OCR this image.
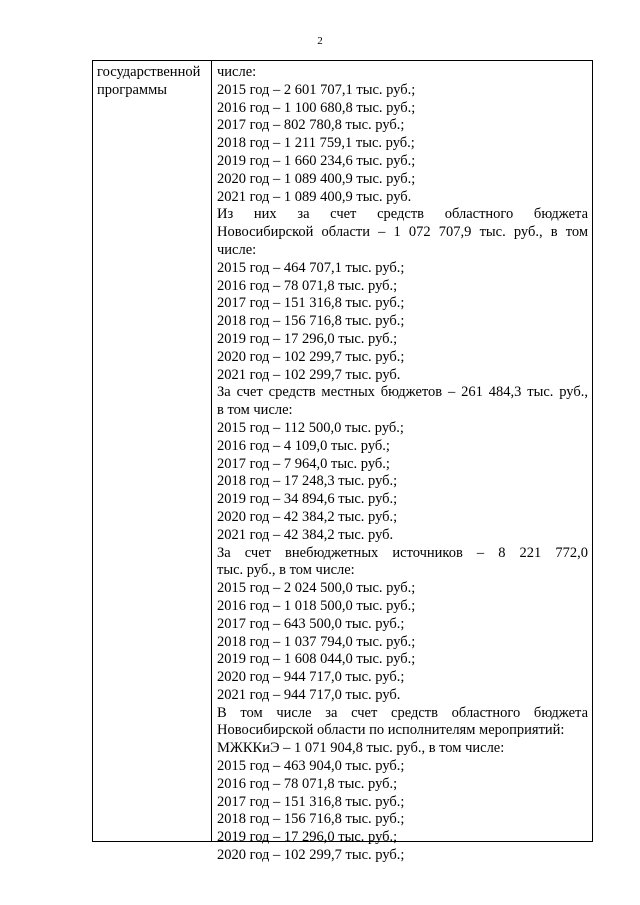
2
государственной
программы
числе:
2015 год – 2 601 707,1 тыс. руб.;
2016 год – 1 100 680,8 тыс. руб.;
2017 год – 802 780,8 тыс. руб.;
2018 год – 1 211 759,1 тыс. руб.;
2019 год – 1 660 234,6 тыс. руб.;
2020 год – 1 089 400,9 тыс. руб.;
2021 год – 1 089 400,9 тыс. руб.
Из них за счет средств областного бюджета
Новосибирской области – 1 072 707,9 тыс. руб., в том
числе:
2015 год – 464 707,1 тыс. руб.;
2016 год – 78 071,8 тыс. руб.;
2017 год – 151 316,8 тыс. руб.;
2018 год – 156 716,8 тыс. руб.;
2019 год – 17 296,0 тыс. руб.;
2020 год – 102 299,7 тыс. руб.;
2021 год – 102 299,7 тыс. руб.
За счет средств местных бюджетов – 261 484,3 тыс. руб.,
в том числе:
2015 год – 112 500,0 тыс. руб.;
2016 год – 4 109,0 тыс. руб.;
2017 год – 7 964,0 тыс. руб.;
2018 год – 17 248,3 тыс. руб.;
2019 год – 34 894,6 тыс. руб.;
2020 год – 42 384,2 тыс. руб.;
2021 год – 42 384,2 тыс. руб.
За счет внебюджетных источников – 8 221 772,0
тыс. руб., в том числе:
2015 год – 2 024 500,0 тыс. руб.;
2016 год – 1 018 500,0 тыс. руб.;
2017 год – 643 500,0 тыс. руб.;
2018 год – 1 037 794,0 тыс. руб.;
2019 год – 1 608 044,0 тыс. руб.;
2020 год – 944 717,0 тыс. руб.;
2021 год – 944 717,0 тыс. руб.
В том числе за счет средств областного бюджета
Новосибирской области по исполнителям мероприятий:
МЖККиЭ – 1 071 904,8 тыс. руб., в том числе:
2015 год – 463 904,0 тыс. руб.;
2016 год – 78 071,8 тыс. руб.;
2017 год – 151 316,8 тыс. руб.;
2018 год – 156 716,8 тыс. руб.;
2019 год – 17 296,0 тыс. руб.;
2020 год – 102 299,7 тыс. руб.;
